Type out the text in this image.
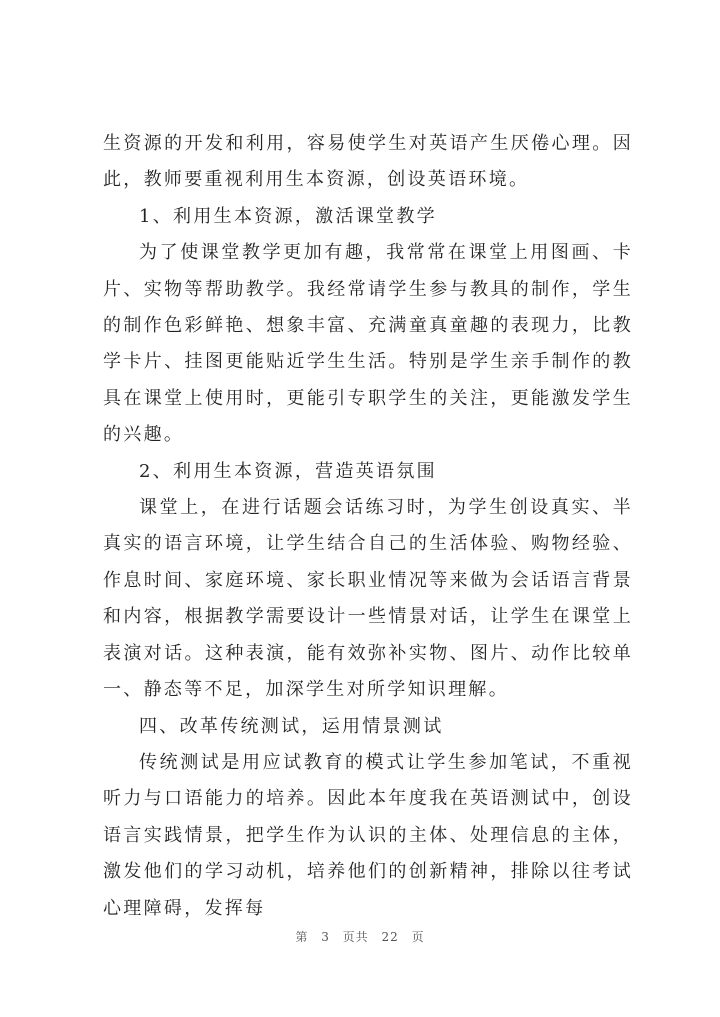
生资源的开发和利用，容易使学生对英语产生厌倦心理。因此，教师要重视利用生本资源，创设英语环境。

1、利用生本资源，激活课堂教学

为了使课堂教学更加有趣，我常常在课堂上用图画、卡片、实物等帮助教学。我经常请学生参与教具的制作，学生的制作色彩鲜艳、想象丰富、充满童真童趣的表现力，比教学卡片、挂图更能贴近学生生活。特别是学生亲手制作的教具在课堂上使用时，更能引专职学生的关注，更能激发学生的兴趣。

2、利用生本资源，营造英语氛围

课堂上，在进行话题会话练习时，为学生创设真实、半真实的语言环境，让学生结合自己的生活体验、购物经验、作息时间、家庭环境、家长职业情况等来做为会话语言背景和内容，根据教学需要设计一些情景对话，让学生在课堂上表演对话。这种表演，能有效弥补实物、图片、动作比较单一、静态等不足，加深学生对所学知识理解。

四、改革传统测试，运用情景测试

传统测试是用应试教育的模式让学生参加笔试，不重视听力与口语能力的培养。因此本年度我在英语测试中，创设语言实践情景，把学生作为认识的主体、处理信息的主体，激发他们的学习动机，培养他们的创新精神，排除以往考试心理障碍，发挥每

第 3 页共 22 页
